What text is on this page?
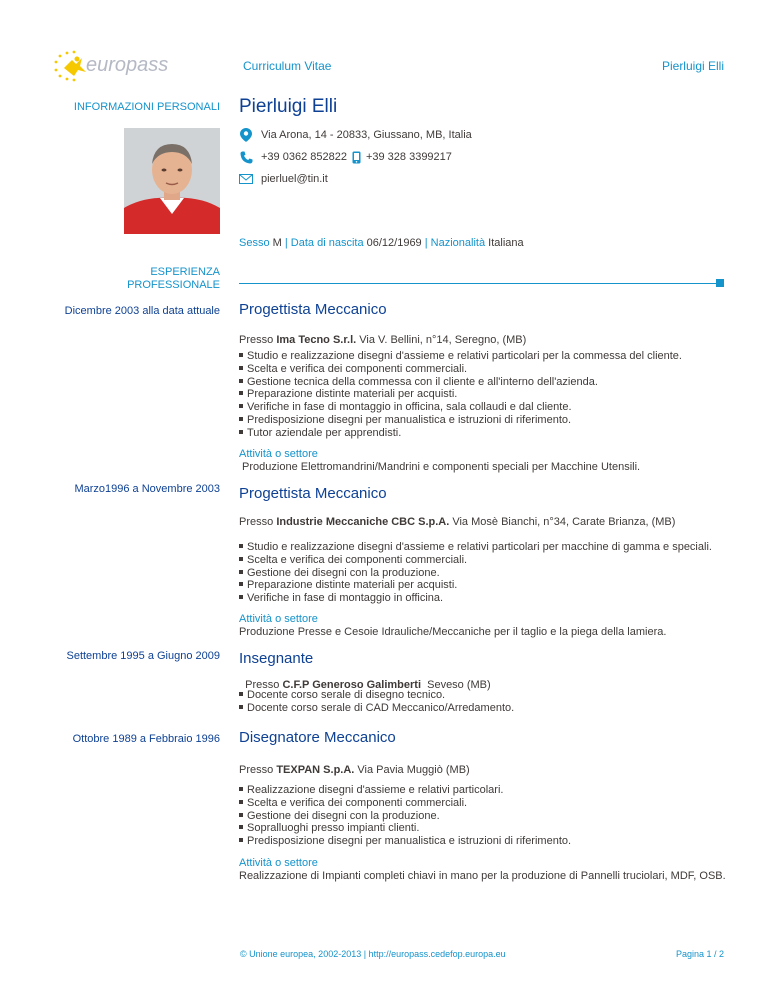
europass	Curriculum Vitae	Pierluigi Elli
INFORMAZIONI PERSONALI Pierluigi Elli
Via Arona, 14 - 20833, Giussano, MB, Italia
+39 0362 852822 +39 328 3399217
pierluel@tin.it
Sesso M | Data di nascita 06/12/1969 | Nazionalità Italiana
ESPERIENZA
PROFESSIONALE
Dicembre 2003 alla data attuale Progettista Meccanico
Presso Ima Tecno S.r.l. Via V. Bellini, n°14, Seregno, (MB)
Studio e realizzazione disegni d'assieme e relativi particolari per la commessa del cliente.
Scelta e verifica dei componenti commerciali.
Gestione tecnica della commessa con il cliente e all'interno dell'azienda.
Preparazione distinte materiali per acquisti.
Verifiche in fase di montaggio in officina, sala collaudi e dal cliente.
Predisposizione disegni per manualistica e istruzioni di riferimento.
Tutor aziendale per apprendisti.
Attività o settore
Produzione Elettromandrini/Mandrini e componenti speciali per Macchine Utensili.
Marzo1996 a Novembre 2003 Progettista Meccanico
Presso Industrie Meccaniche CBC S.p.A. Via Mosè Bianchi, n°34, Carate Brianza, (MB)
Studio e realizzazione disegni d'assieme e relativi particolari per macchine di gamma e speciali.
Scelta e verifica dei componenti commerciali.
Gestione dei disegni con la produzione.
Preparazione distinte materiali per acquisti.
Verifiche in fase di montaggio in officina.
Attività o settore
Produzione Presse e Cesoie Idrauliche/Meccaniche per il taglio e la piega della lamiera.
Settembre 1995 a Giugno 2009 Insegnante

Presso C.F.P Generoso Galimberti  Seveso (MB)

Docente corso serale di disegno tecnico.
Docente corso serale di CAD Meccanico/Arredamento.
Ottobre 1989 a Febbraio 1996 Disegnatore Meccanico
Presso TEXPAN S.p.A. Via Pavia Muggiò (MB)
Realizzazione disegni d'assieme e relativi particolari.
Scelta e verifica dei componenti commerciali.
Gestione dei disegni con la produzione.
Sopralluoghi presso impianti clienti.
Predisposizione disegni per manualistica e istruzioni di riferimento.
Attività o settore
Realizzazione di Impianti completi chiavi in mano per la produzione di Pannelli truciolari, MDF, OSB.
© Unione europea, 2002-2013 | http://europass.cedefop.europa.eu	Pagina 1 / 2
